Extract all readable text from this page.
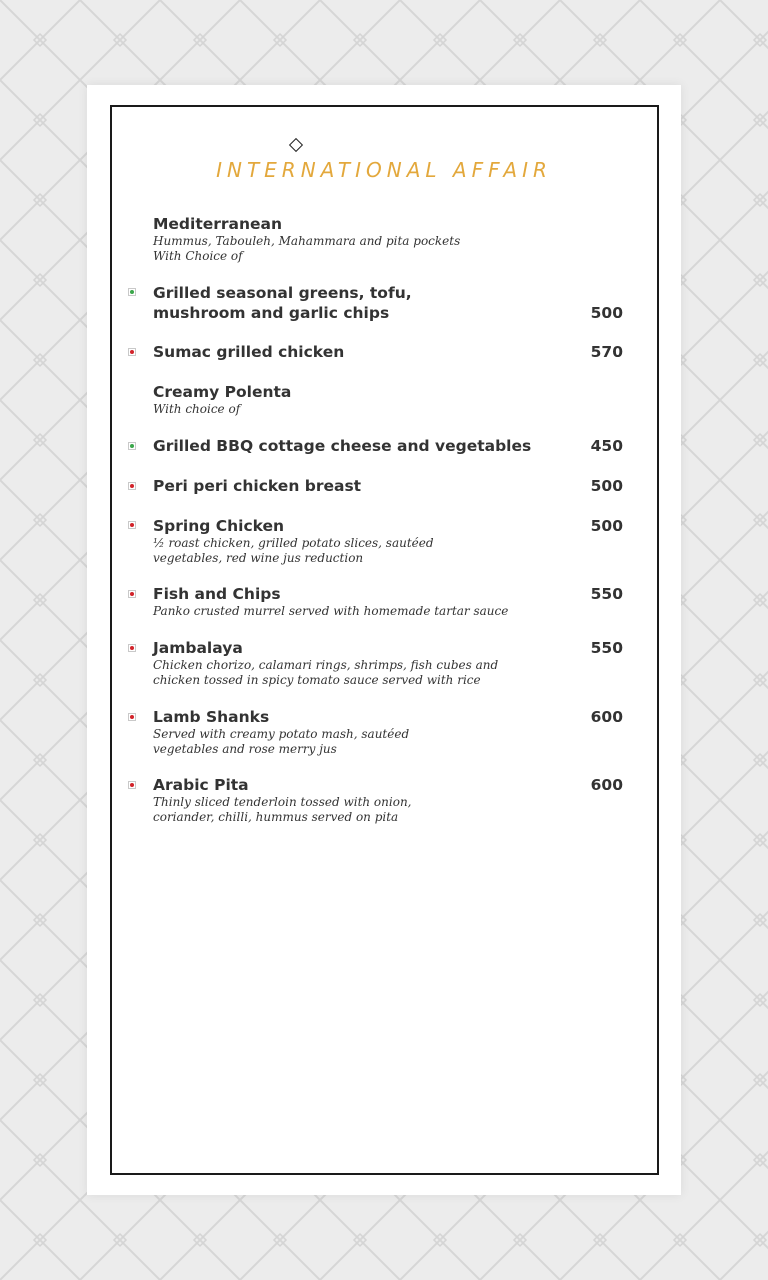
INTERNATIONAL AFFAIR
Mediterranean
Hummus, Tabouleh, Mahammara and pita pockets
With Choice of
Grilled seasonal greens, tofu,
mushroom and garlic chips	500
Sumac grilled chicken	570
Creamy Polenta
With choice of
Grilled BBQ cottage cheese and vegetables	450
Peri peri chicken breast	500
Spring Chicken
½ roast chicken, grilled potato slices, sautéed
vegetables, red wine jus reduction
500
Fish and Chips
Panko crusted murrel served with homemade tartar sauce
550
Jambalaya
Chicken chorizo, calamari rings, shrimps, fish cubes and
chicken tossed in spicy tomato sauce served with rice
550
Lamb Shanks
Served with creamy potato mash, sautéed
vegetables and rose merry jus
600
Arabic Pita
Thinly sliced tenderloin tossed with onion,
coriander, chilli, hummus served on pita
600
